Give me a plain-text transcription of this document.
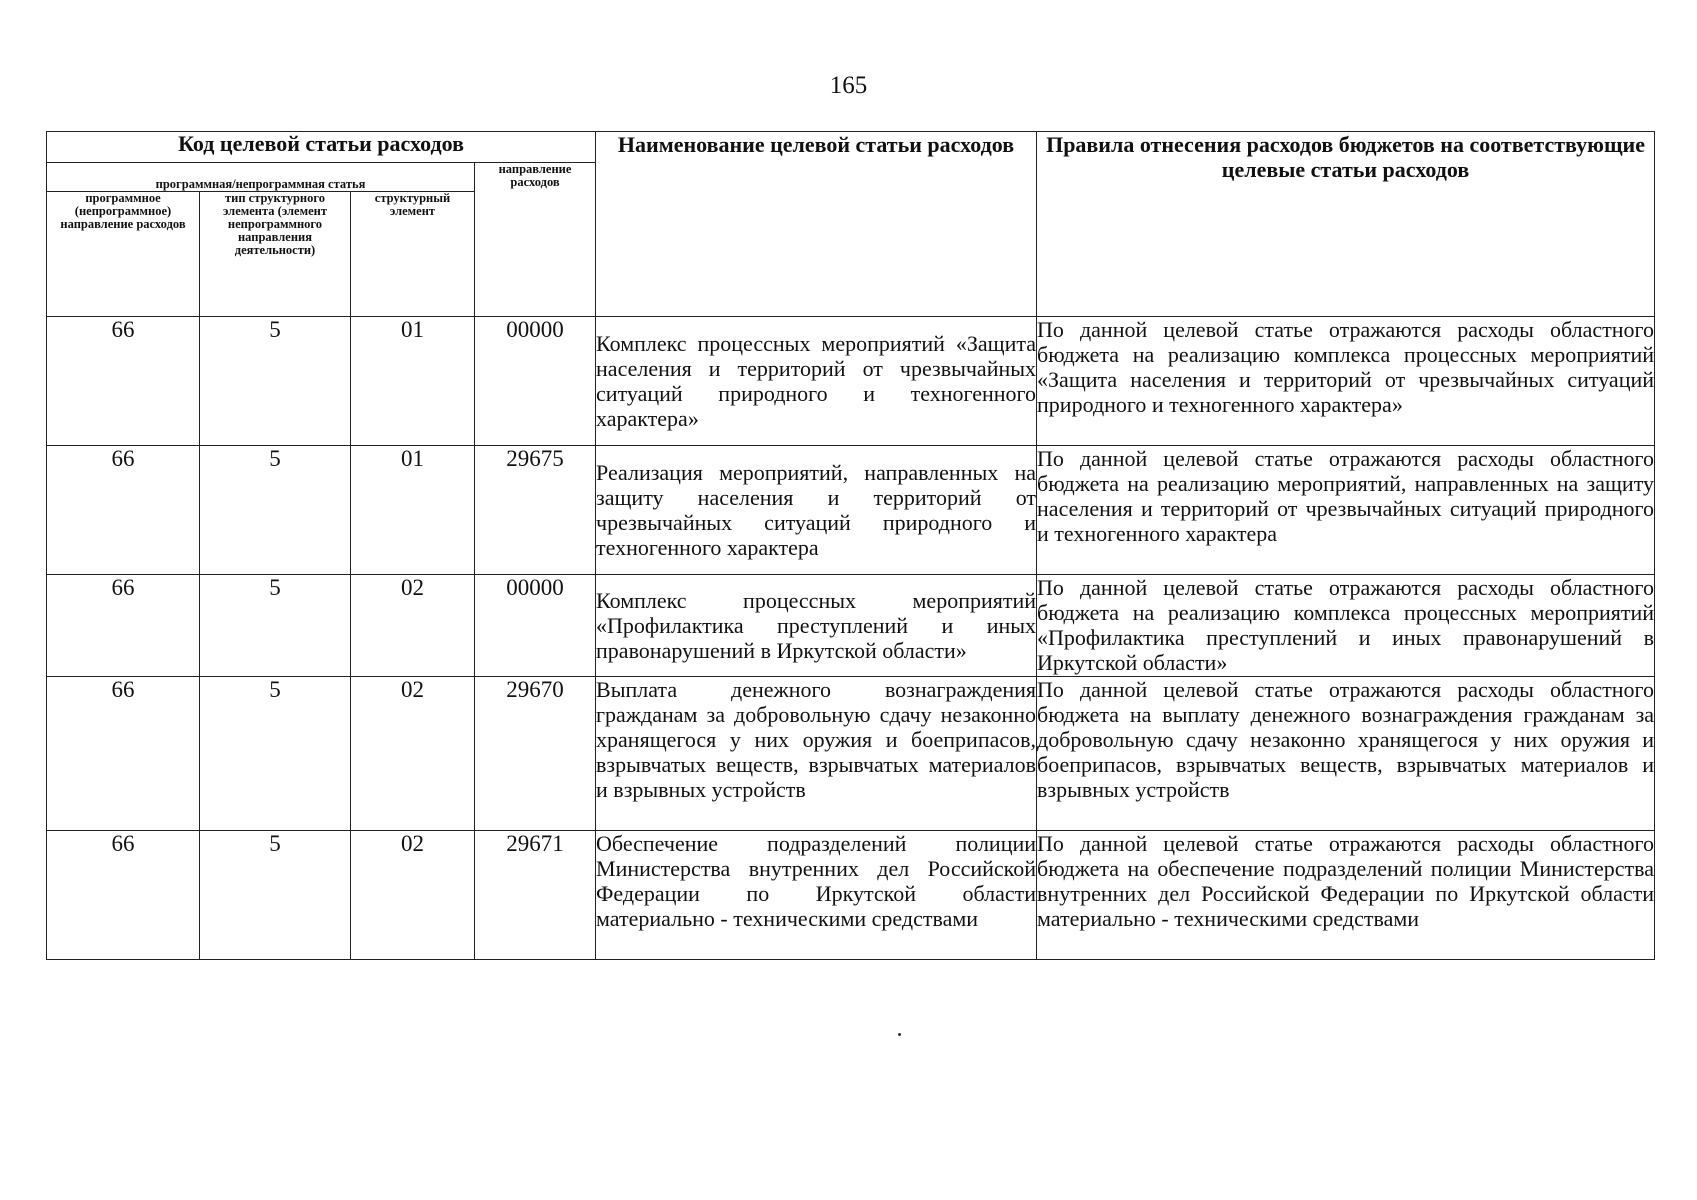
165
Код целевой статьи расходов				Наименование целевой статьи расходов	Правила отнесения расходов бюджетов на соответствующие целевые статьи расходов
программная/непрограммная статья			направление расходов		
программное (непрограммное) направление расходов	тип структурного элемента (элемент непрограммного направления деятельности)	структурный элемент			
66	5	01	00000	Комплекс процессных мероприятий «Защита населения и территорий от чрезвычайных ситуаций природного и техногенного характера»	По данной целевой статье отражаются расходы областного бюджета на реализацию комплекса процессных мероприятий «Защита населения и территорий от чрезвычайных ситуаций природного и техногенного характера»
66	5	01	29675	Реализация мероприятий, направленных на защиту населения и территорий от чрезвычайных ситуаций природного и техногенного характера	По данной целевой статье отражаются расходы областного бюджета на реализацию мероприятий, направленных на защиту населения и территорий от чрезвычайных ситуаций природного и техногенного характера
66	5	02	00000	Комплекс процессных мероприятий «Профилактика преступлений и иных правонарушений в Иркутской области»	По данной целевой статье отражаются расходы областного бюджета на реализацию комплекса процессных мероприятий «Профилактика преступлений и иных правонарушений в Иркутской области»
66	5	02	29670	Выплата денежного вознаграждения гражданам за добровольную сдачу незаконно хранящегося у них оружия и боеприпасов, взрывчатых веществ, взрывчатых материалов и взрывных устройств	По данной целевой статье отражаются расходы областного бюджета на выплату денежного вознаграждения гражданам за добровольную сдачу незаконно хранящегося у них оружия и боеприпасов, взрывчатых веществ, взрывчатых материалов и взрывных устройств
66	5	02	29671	Обеспечение подразделений полиции Министерства внутренних дел Российской Федерации по Иркутской области материально - техническими средствами	По данной целевой статье отражаются расходы областного бюджета на обеспечение подразделений полиции Министерства внутренних дел Российской Федерации по Иркутской области материально - техническими средствами
